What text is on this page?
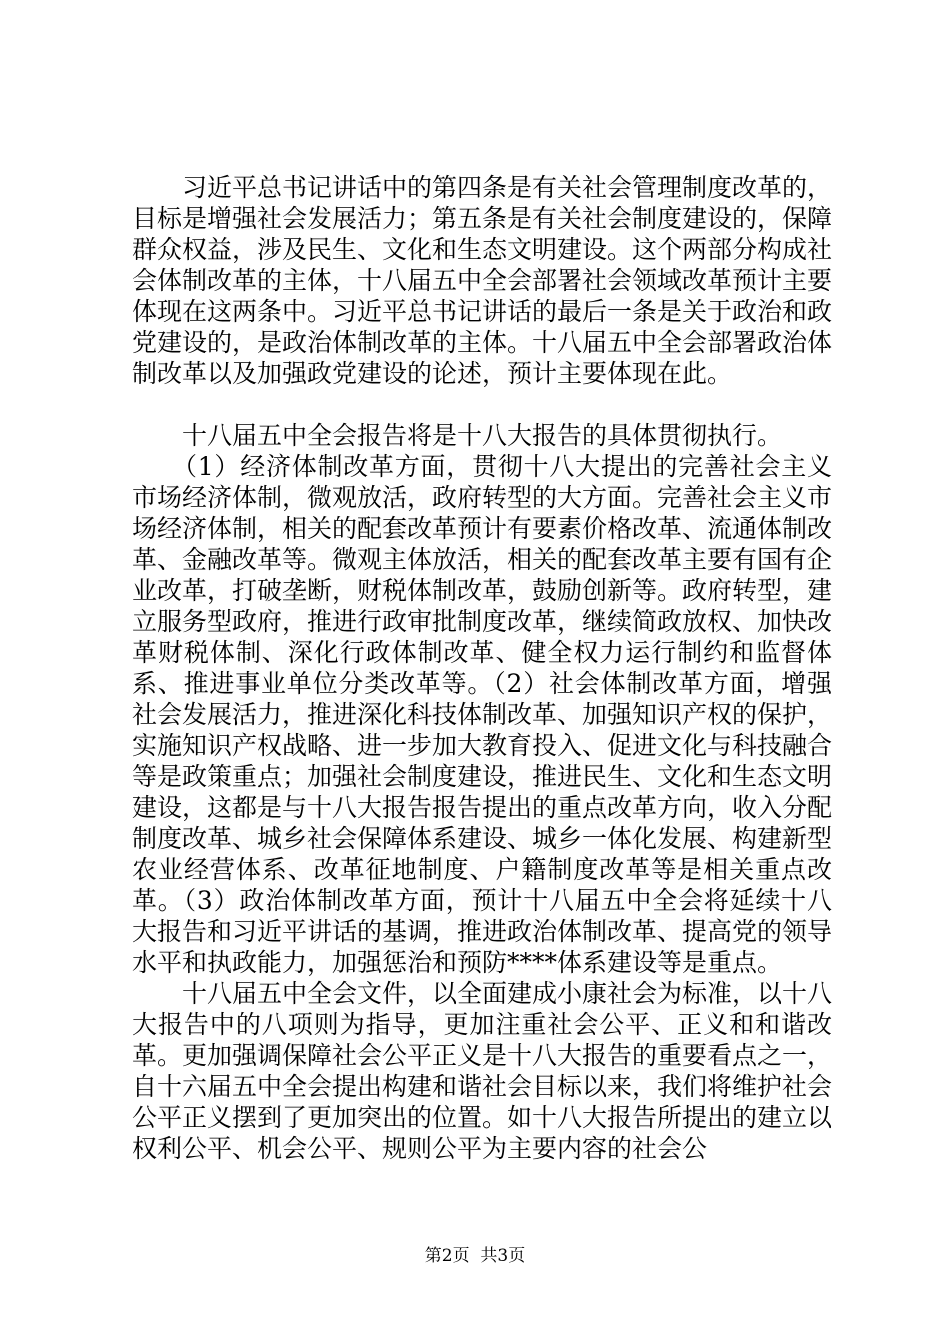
习近平总书记讲话中的第四条是有关社会管理制度改革的，目标是增强社会发展活力；第五条是有关社会制度建设的，保障群众权益，涉及民生、文化和生态文明建设。这个两部分构成社会体制改革的主体，十八届五中全会部署社会领域改革预计主要体现在这两条中。习近平总书记讲话的最后一条是关于政治和政党建设的，是政治体制改革的主体。十八届五中全会部署政治体制改革以及加强政党建设的论述，预计主要体现在此。

十八届五中全会报告将是十八大报告的具体贯彻执行。

（1）经济体制改革方面，贯彻十八大提出的完善社会主义市场经济体制，微观放活，政府转型的大方面。完善社会主义市场经济体制，相关的配套改革预计有要素价格改革、流通体制改革、金融改革等。微观主体放活，相关的配套改革主要有国有企业改革，打破垄断，财税体制改革，鼓励创新等。政府转型，建立服务型政府，推进行政审批制度改革，继续简政放权、加快改革财税体制、深化行政体制改革、健全权力运行制约和监督体系、推进事业单位分类改革等。（2）社会体制改革方面，增强社会发展活力，推进深化科技体制改革、加强知识产权的保护，实施知识产权战略、进一步加大教育投入、促进文化与科技融合等是政策重点；加强社会制度建设，推进民生、文化和生态文明建设，这都是与十八大报告报告提出的重点改革方向，收入分配制度改革、城乡社会保障体系建设、城乡一体化发展、构建新型农业经营体系、改革征地制度、户籍制度改革等是相关重点改革。（3）政治体制改革方面，预计十八届五中全会将延续十八大报告和习近平讲话的基调，推进政治体制改革、提高党的领导水平和执政能力，加强惩治和预防****体系建设等是重点。

十八届五中全会文件，以全面建成小康社会为标准，以十八大报告中的八项则为指导，更加注重社会公平、正义和和谐改革。更加强调保障社会公平正义是十八大报告的重要看点之一，自十六届五中全会提出构建和谐社会目标以来，我们将维护社会公平正义摆到了更加突出的位置。如十八大报告所提出的建立以权利公平、机会公平、规则公平为主要内容的社会公

第2页 共3页
